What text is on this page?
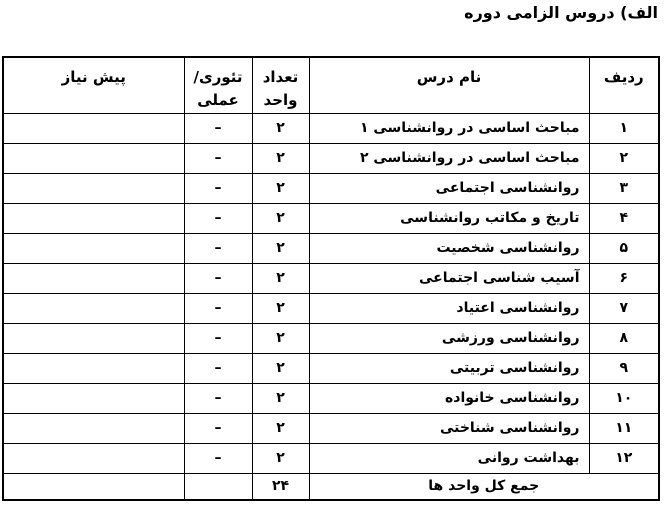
الف) دروس الزامی دوره
ردیف	نام درس	تعداد واحد	تئوری/ عملی	پیش نیاز
۱	مباحث اساسی در روانشناسی ۱	۲	–	
۲	مباحث اساسی در روانشناسی ۲	۲	–	
۳	روانشناسی اجتماعی	۲	–	
۴	تاریخ و مکاتب روانشناسی	۲	–	
۵	روانشناسی شخصیت	۲	–	
۶	آسیب شناسی اجتماعی	۲	–	
۷	روانشناسی اعتیاد	۲	–	
۸	روانشناسی ورزشی	۲	–	
۹	روانشناسی تربیتی	۲	–	
۱۰	روانشناسی خانواده	۲	–	
۱۱	روانشناسی شناختی	۲	–	
۱۲	بهداشت روانی	۲	–	
جمع کل واحد ها		۲۴		
